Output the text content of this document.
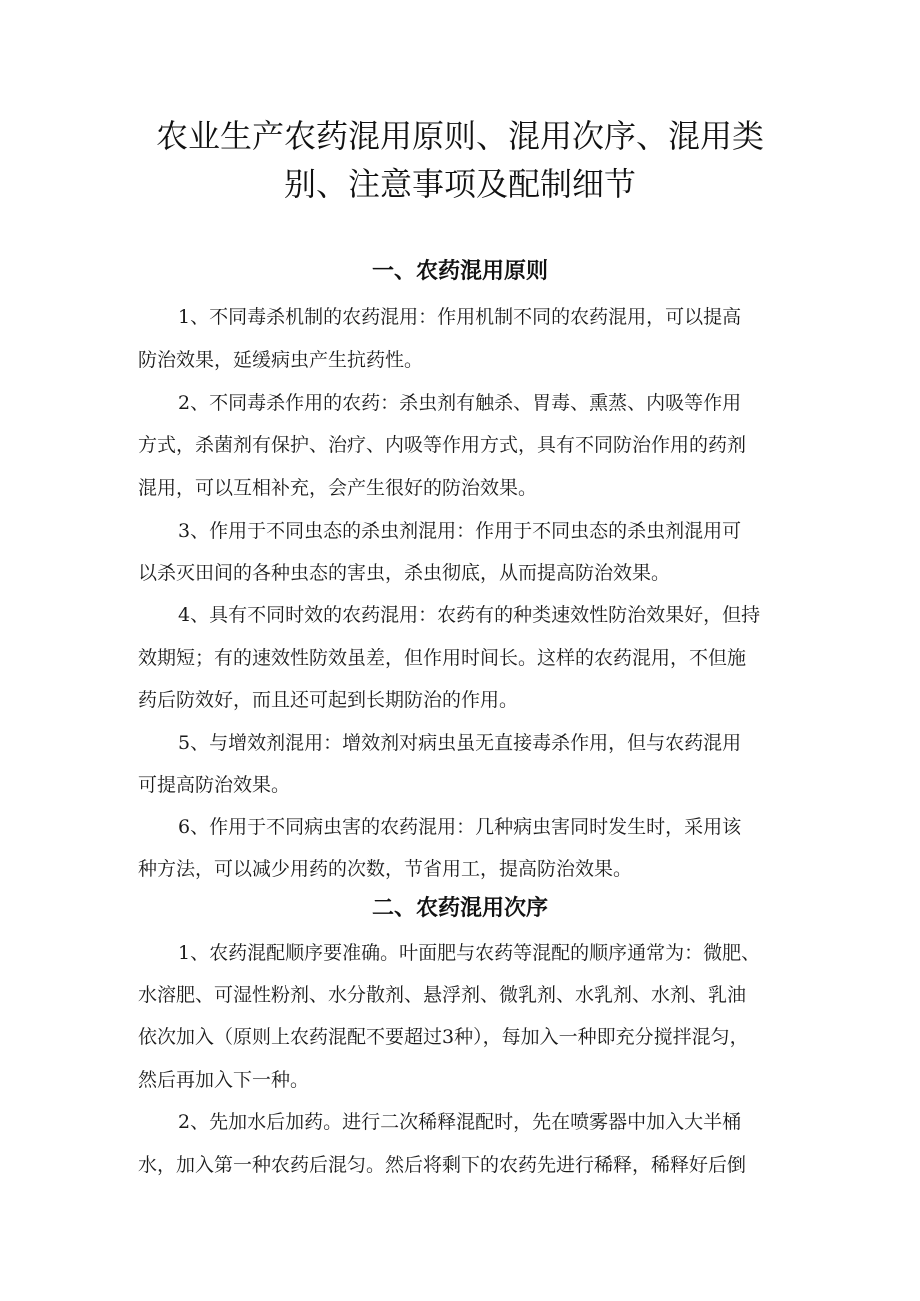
农业生产农药混用原则、混用次序、混用类
别、注意事项及配制细节
一、农药混用原则

1、不同毒杀机制的农药混用：作用机制不同的农药混用，可以提高

防治效果，延缓病虫产生抗药性。

2、不同毒杀作用的农药：杀虫剂有触杀、胃毒、熏蒸、内吸等作用

方式，杀菌剂有保护、治疗、内吸等作用方式，具有不同防治作用的药剂

混用，可以互相补充，会产生很好的防治效果。

3、作用于不同虫态的杀虫剂混用：作用于不同虫态的杀虫剂混用可

以杀灭田间的各种虫态的害虫，杀虫彻底，从而提高防治效果。

4、具有不同时效的农药混用：农药有的种类速效性防治效果好，但持

效期短；有的速效性防效虽差，但作用时间长。这样的农药混用，不但施

药后防效好，而且还可起到长期防治的作用。

5、与增效剂混用：增效剂对病虫虽无直接毒杀作用，但与农药混用

可提高防治效果。

6、作用于不同病虫害的农药混用：几种病虫害同时发生时，采用该

种方法，可以减少用药的次数，节省用工，提高防治效果。

二、农药混用次序

1、农药混配顺序要准确。叶面肥与农药等混配的顺序通常为：微肥、

水溶肥、可湿性粉剂、水分散剂、悬浮剂、微乳剂、水乳剂、水剂、乳油

依次加入（原则上农药混配不要超过3种），每加入一种即充分搅拌混匀，

然后再加入下一种。

2、先加水后加药。进行二次稀释混配时，先在喷雾器中加入大半桶

水，加入第一种农药后混匀。然后将剩下的农药先进行稀释，稀释好后倒
